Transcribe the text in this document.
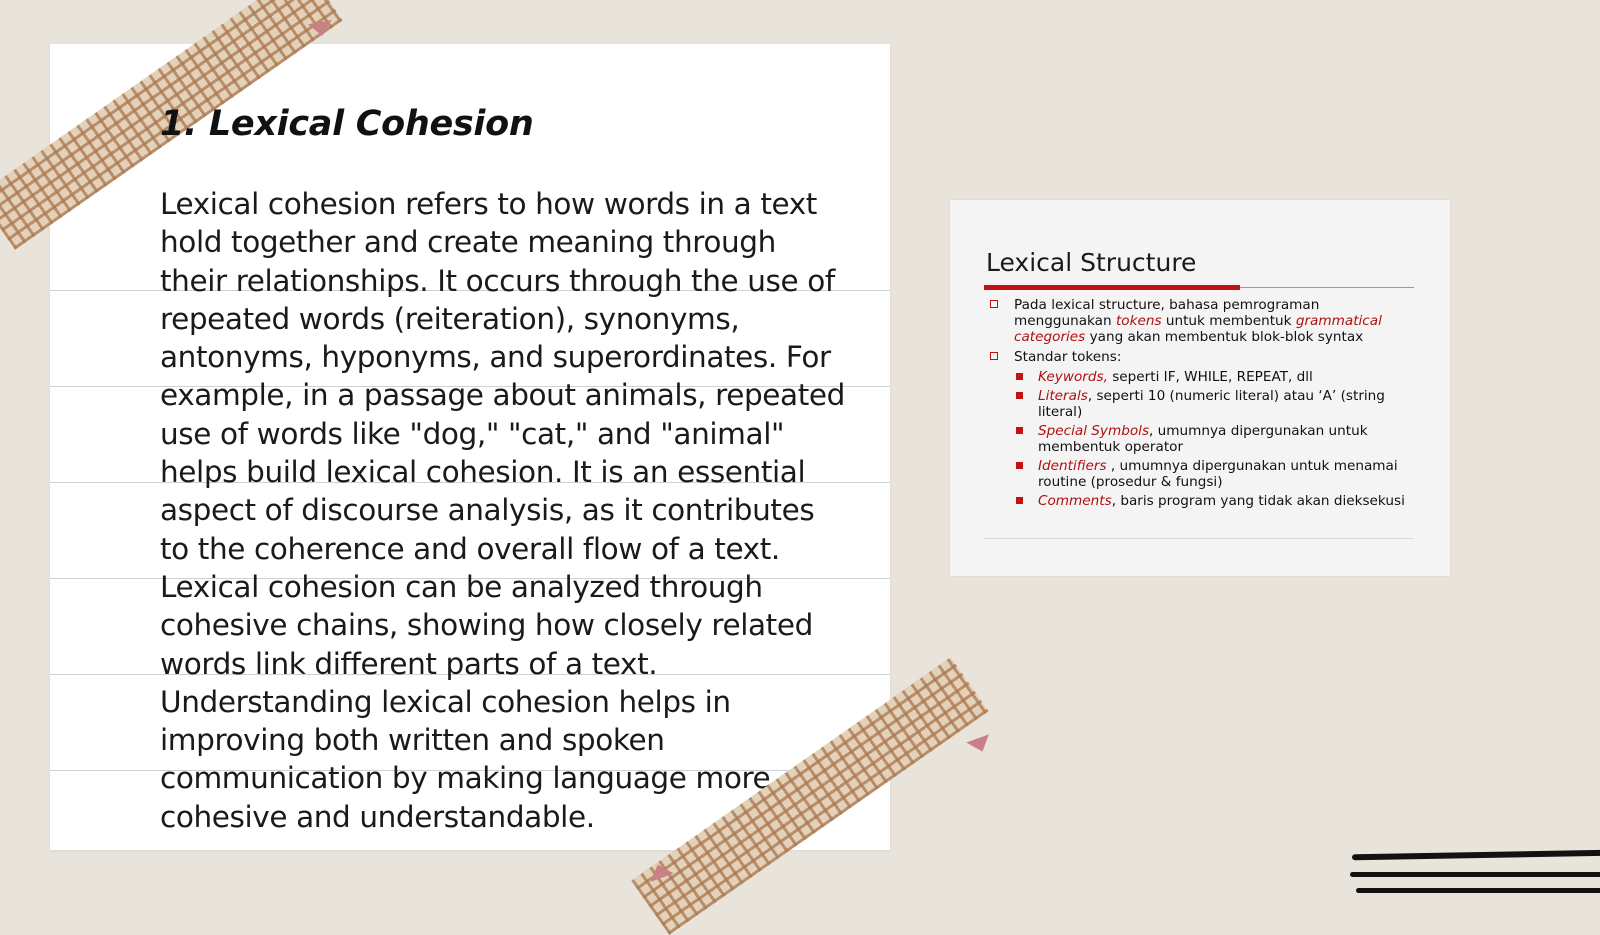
1. Lexical Cohesion

Lexical cohesion refers to how words in a text hold together and create meaning through their relationships. It occurs through the use of repeated words (reiteration), synonyms, antonyms, hyponyms, and superordinates. For example, in a passage about animals, repeated use of words like "dog," "cat," and "animal" helps build lexical cohesion. It is an essential aspect of discourse analysis, as it contributes to the coherence and overall flow of a text. Lexical cohesion can be analyzed through cohesive chains, showing how closely related words link different parts of a text. Understanding lexical cohesion helps in improving both written and spoken communication by making language more cohesive and understandable.

Lexical Structure
Pada lexical structure, bahasa pemrograman menggunakan tokens untuk membentuk grammatical categories yang akan membentuk blok-blok syntax
Standar tokens:
Keywords, seperti IF, WHILE, REPEAT, dll
Literals, seperti 10 (numeric literal) atau ‘A’ (string literal)
Special Symbols, umumnya dipergunakan untuk membentuk operator
Identifiers , umumnya dipergunakan untuk menamai routine (prosedur & fungsi)
Comments, baris program yang tidak akan dieksekusi
